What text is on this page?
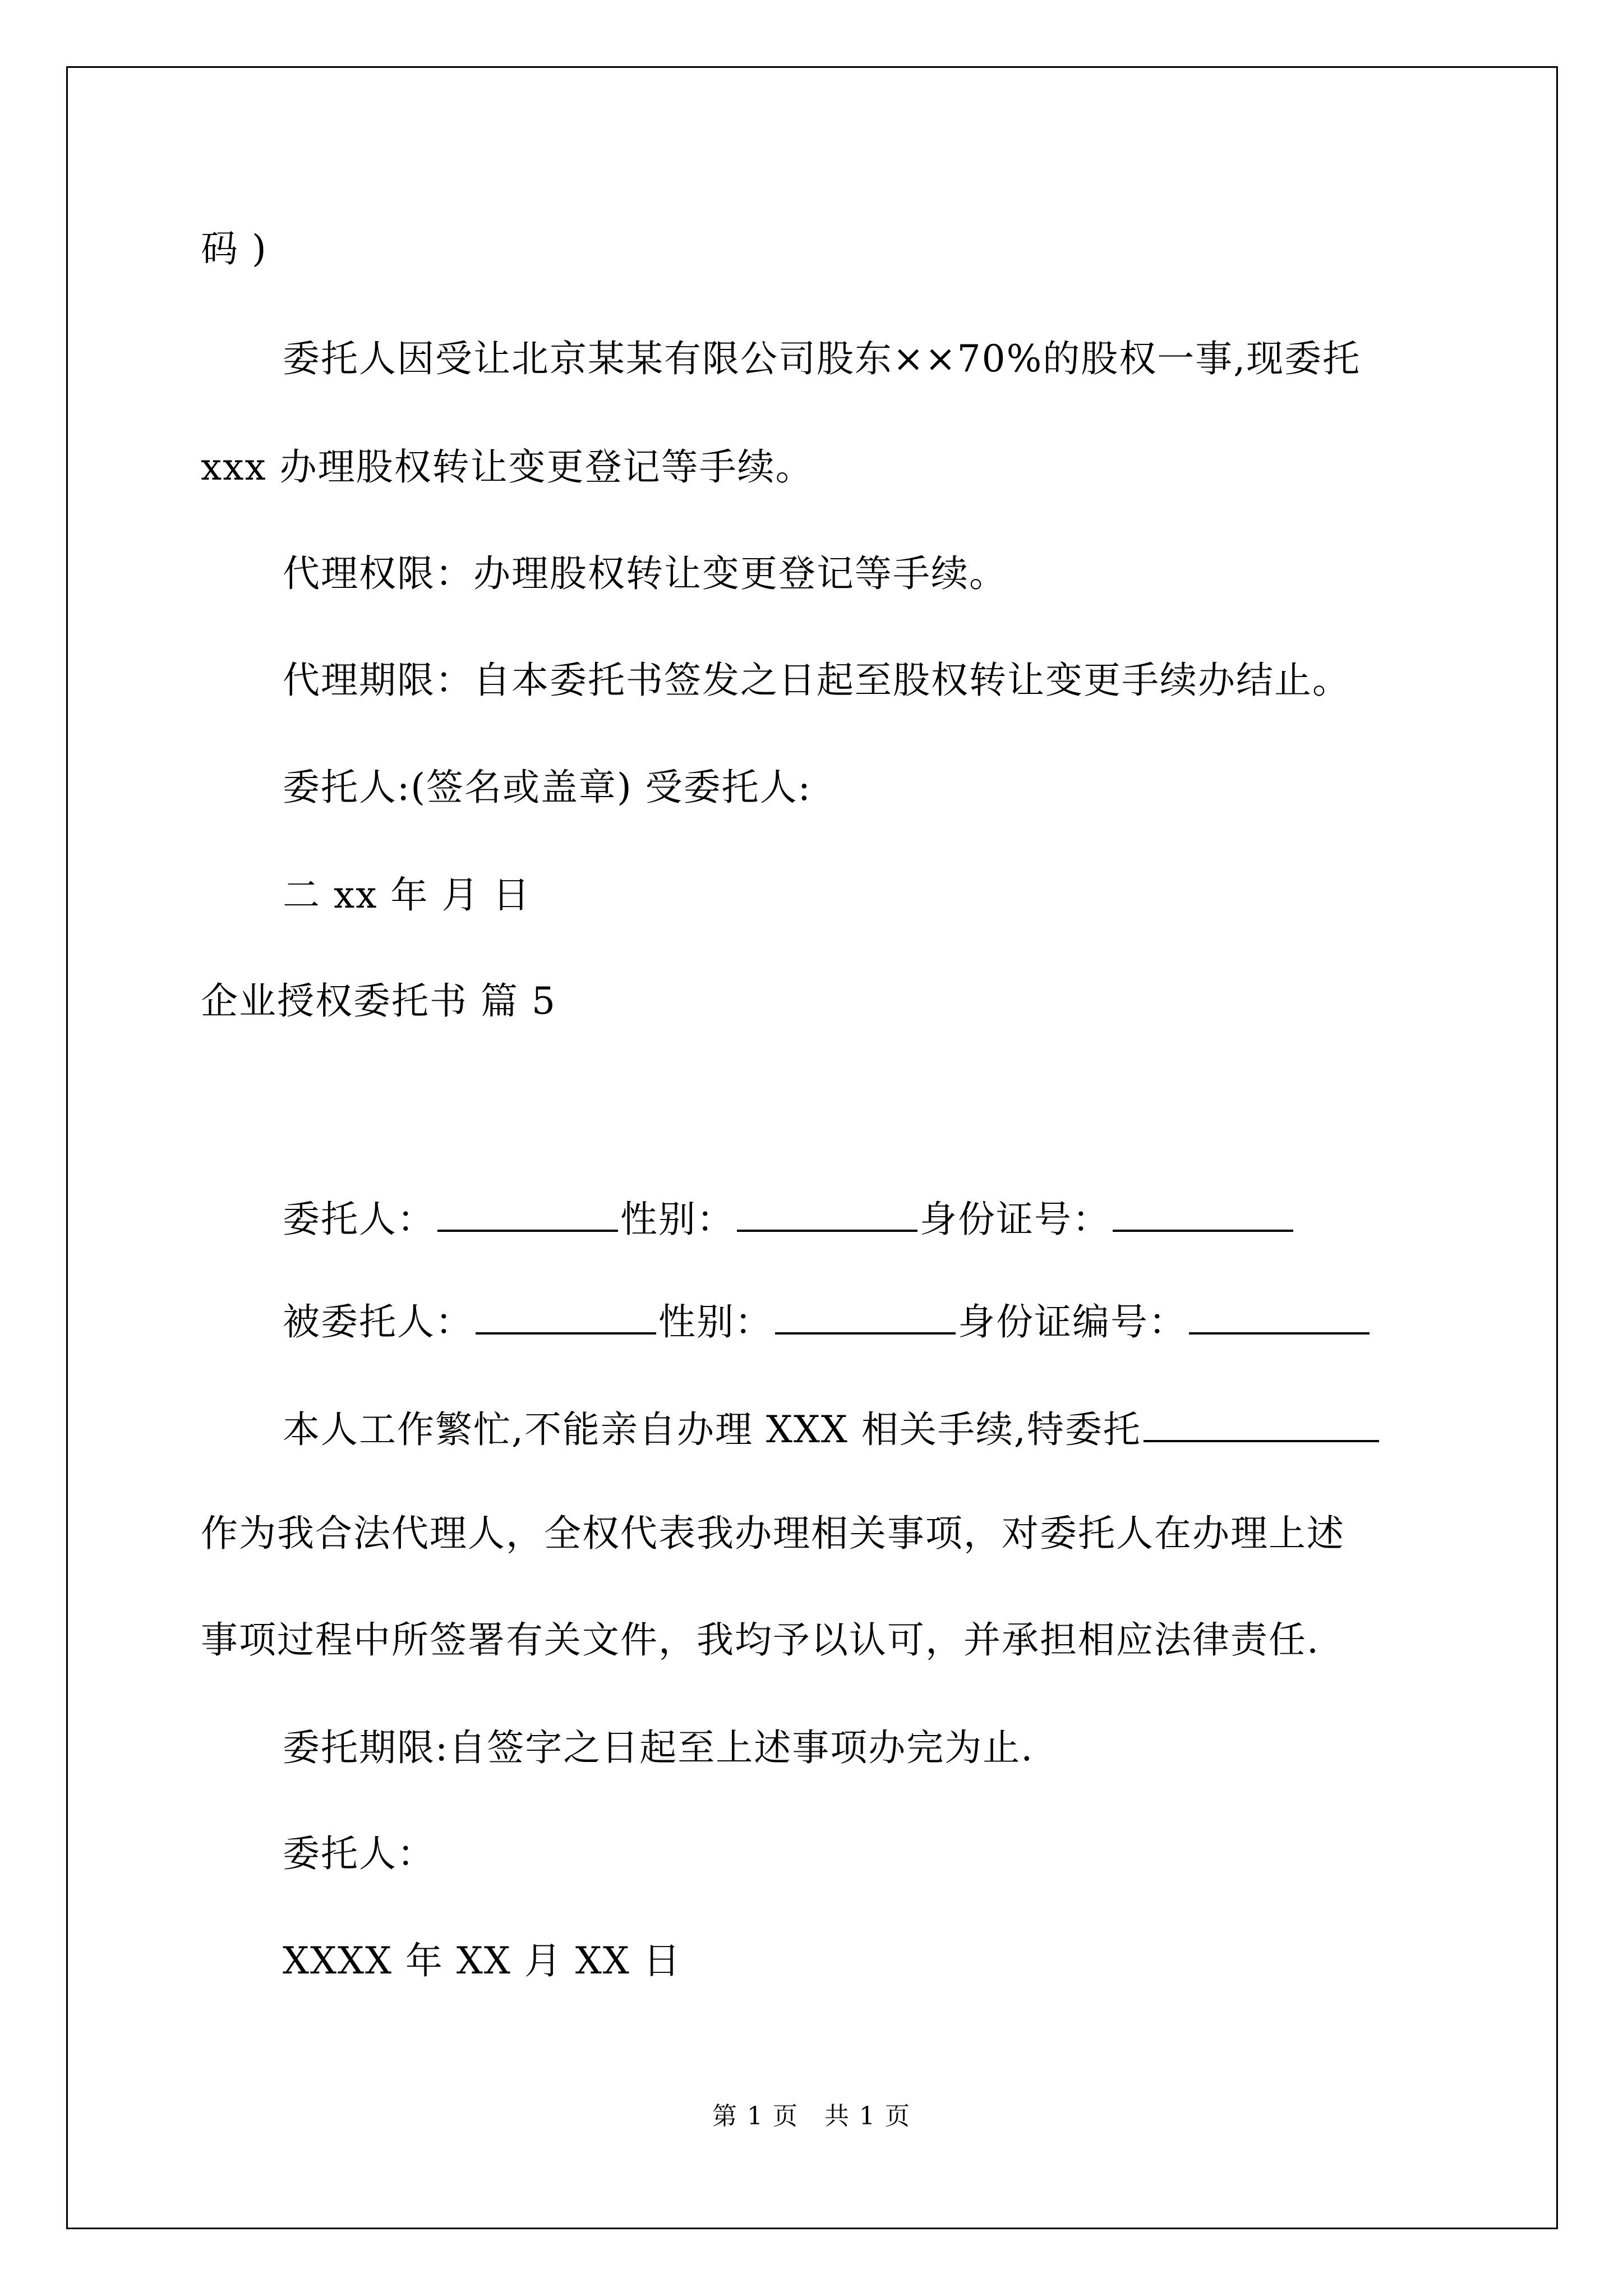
码 )
委托人因受让北京某某有限公司股东××70%的股权一事,现委托
xxx 办理股权转让变更登记等手续。
代理权限：办理股权转让变更登记等手续。
代理期限：自本委托书签发之日起至股权转让变更手续办结止。
委托人:(签名或盖章) 受委托人:
二 xx 年 月 日
企业授权委托书 篇 5
委托人：	性别：	身份证号：
被委托人：	性别：	身份证编号：
本人工作繁忙,不能亲自办理 XXX 相关手续,特委托
作为我合法代理人，全权代表我办理相关事项，对委托人在办理上述
事项过程中所签署有关文件，我均予以认可，并承担相应法律责任.
委托期限:自签字之日起至上述事项办完为止.
委托人：
XXXX 年 XX 月 XX 日
第 1 页　共 1 页
